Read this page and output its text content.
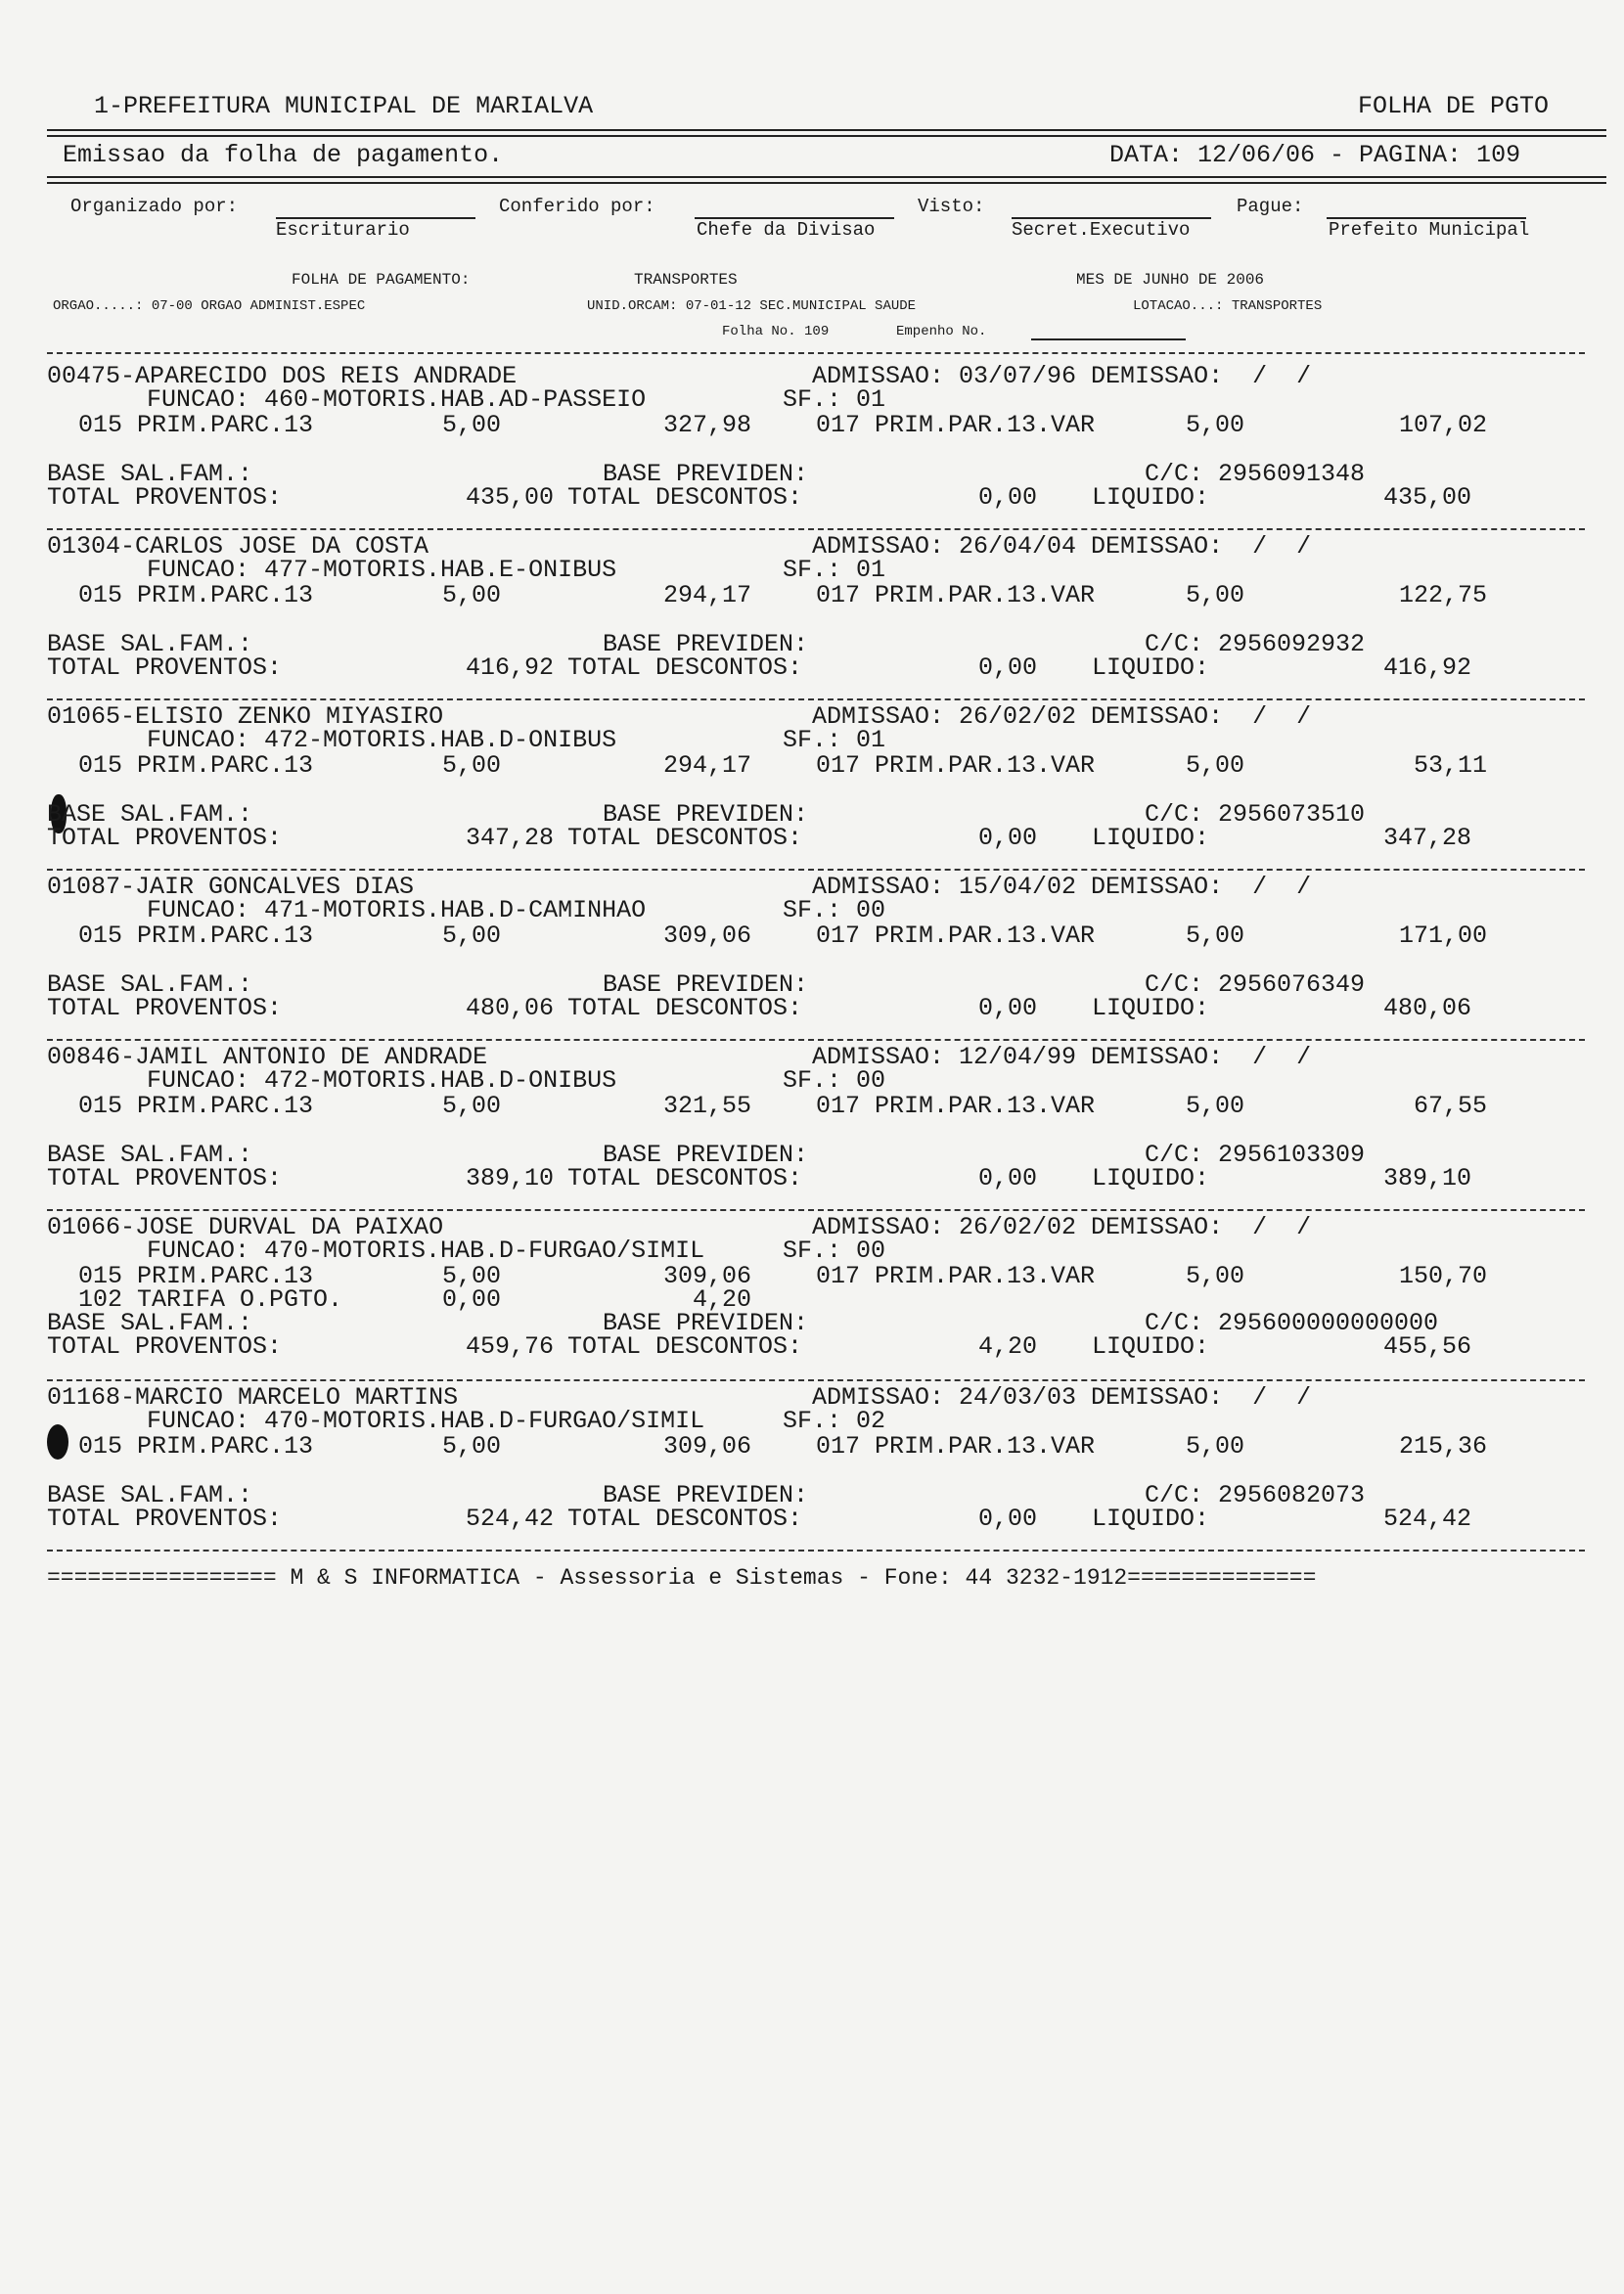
1-PREFEITURA MUNICIPAL DE MARIALVA	FOLHA DE PGTO
Emissao da folha de pagamento.	DATA: 12/06/06 - PAGINA: 109
Organizado por:
Escriturario
Conferido por:
Chefe da Divisao
Visto:
Secret.Executivo
Pague:
Prefeito Municipal
FOLHA DE PAGAMENTO:	TRANSPORTES	MES DE JUNHO DE 2006
ORGAO.....: 07-00 ORGAO ADMINIST.ESPEC	UNID.ORCAM: 07-01-12 SEC.MUNICIPAL SAUDE	LOTACAO...: TRANSPORTES
Folha No. 109	Empenho No.
================= M & S INFORMATICA - Assessoria e Sistemas - Fone: 44 3232-1912==============
00475-APARECIDO DOS REIS ANDRADE	ADMISSAO: 03/07/96 DEMISSAO:  /  /
FUNCAO: 460-MOTORIS.HAB.AD-PASSEIO	SF.: 01
015 PRIM.PARC.13	5,00	327,98	017 PRIM.PAR.13.VAR	5,00	107,02
BASE SAL.FAM.:	BASE PREVIDEN:	C/C: 2956091348
TOTAL PROVENTOS:	435,00 TOTAL DESCONTOS:	0,00 LIQUIDO:	435,00
01304-CARLOS JOSE DA COSTA	ADMISSAO: 26/04/04 DEMISSAO:  /  /
FUNCAO: 477-MOTORIS.HAB.E-ONIBUS	SF.: 01
015 PRIM.PARC.13	5,00	294,17	017 PRIM.PAR.13.VAR	5,00	122,75
BASE SAL.FAM.:	BASE PREVIDEN:	C/C: 2956092932
TOTAL PROVENTOS:	416,92 TOTAL DESCONTOS:	0,00 LIQUIDO:	416,92
01065-ELISIO ZENKO MIYASIRO	ADMISSAO: 26/02/02 DEMISSAO:  /  /
FUNCAO: 472-MOTORIS.HAB.D-ONIBUS	SF.: 01
015 PRIM.PARC.13	5,00	294,17	017 PRIM.PAR.13.VAR	5,00	53,11
BASE SAL.FAM.:	BASE PREVIDEN:	C/C: 2956073510
TOTAL PROVENTOS:	347,28 TOTAL DESCONTOS:	0,00 LIQUIDO:	347,28
01087-JAIR GONCALVES DIAS	ADMISSAO: 15/04/02 DEMISSAO:  /  /
FUNCAO: 471-MOTORIS.HAB.D-CAMINHAO	SF.: 00
015 PRIM.PARC.13	5,00	309,06	017 PRIM.PAR.13.VAR	5,00	171,00
BASE SAL.FAM.:	BASE PREVIDEN:	C/C: 2956076349
TOTAL PROVENTOS:	480,06 TOTAL DESCONTOS:	0,00 LIQUIDO:	480,06
00846-JAMIL ANTONIO DE ANDRADE	ADMISSAO: 12/04/99 DEMISSAO:  /  /
FUNCAO: 472-MOTORIS.HAB.D-ONIBUS	SF.: 00
015 PRIM.PARC.13	5,00	321,55	017 PRIM.PAR.13.VAR	5,00	67,55
BASE SAL.FAM.:	BASE PREVIDEN:	C/C: 2956103309
TOTAL PROVENTOS:	389,10 TOTAL DESCONTOS:	0,00 LIQUIDO:	389,10
01066-JOSE DURVAL DA PAIXAO	ADMISSAO: 26/02/02 DEMISSAO:  /  /
FUNCAO: 470-MOTORIS.HAB.D-FURGAO/SIMIL	SF.: 00
015 PRIM.PARC.13	5,00	309,06	017 PRIM.PAR.13.VAR	5,00	150,70
102 TARIFA O.PGTO.	0,00	4,20
BASE SAL.FAM.:	BASE PREVIDEN:	C/C: 295600000000000
TOTAL PROVENTOS:	459,76 TOTAL DESCONTOS:	4,20 LIQUIDO:	455,56
01168-MARCIO MARCELO MARTINS	ADMISSAO: 24/03/03 DEMISSAO:  /  /
FUNCAO: 470-MOTORIS.HAB.D-FURGAO/SIMIL	SF.: 02
015 PRIM.PARC.13	5,00	309,06	017 PRIM.PAR.13.VAR	5,00	215,36
BASE SAL.FAM.:	BASE PREVIDEN:	C/C: 2956082073
TOTAL PROVENTOS:	524,42 TOTAL DESCONTOS:	0,00 LIQUIDO:	524,42
